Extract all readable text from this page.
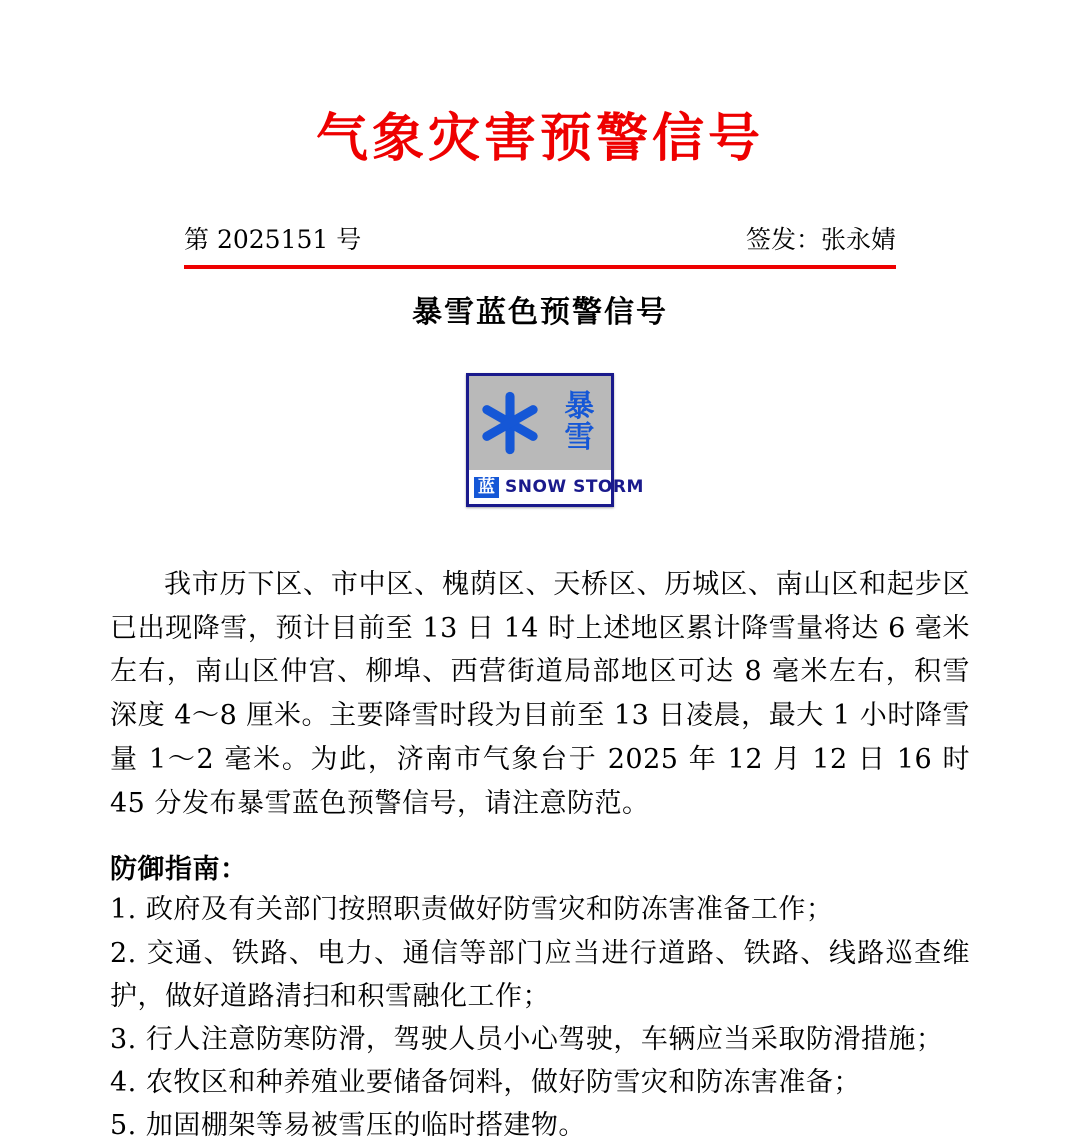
气象灾害预警信号
第 2025151 号	签发：张永婧
暴雪蓝色预警信号
暴
雪
蓝 SNOW STORM

我市历下区、市中区、槐荫区、天桥区、历城区、南山区和起步区已出现降雪，预计目前至 13 日 14 时上述地区累计降雪量将达 6 毫米左右，南山区仲宫、柳埠、西营街道局部地区可达 8 毫米左右，积雪深度 4～8 厘米。主要降雪时段为目前至 13 日凌晨，最大 1 小时降雪量 1～2 毫米。为此，济南市气象台于 2025 年 12 月 12 日 16 时 45 分发布暴雪蓝色预警信号，请注意防范。

防御指南：
1. 政府及有关部门按照职责做好防雪灾和防冻害准备工作；
2. 交通、铁路、电力、通信等部门应当进行道路、铁路、线路巡查维护，做好道路清扫和积雪融化工作；
3. 行人注意防寒防滑，驾驶人员小心驾驶，车辆应当采取防滑措施；
4. 农牧区和种养殖业要储备饲料，做好防雪灾和防冻害准备；
5. 加固棚架等易被雪压的临时搭建物。
